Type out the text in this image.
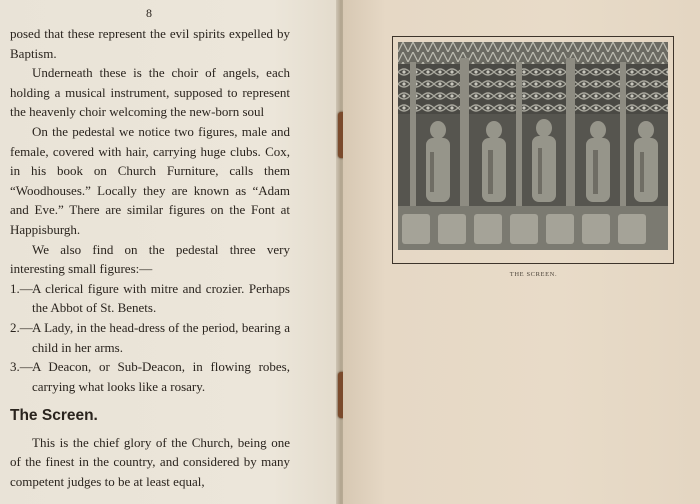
8

posed that these represent the evil spirits expelled by Baptism.

Underneath these is the choir of angels, each holding a musical instrument, supposed to represent the heavenly choir welcoming the new-born soul

On the pedestal we notice two figures, male and female, covered with hair, carrying huge clubs. Cox, in his book on Church Furniture, calls them “Woodhouses.” Locally they are known as “Adam and Eve.” There are similar figures on the Font at Happisburgh.

We also find on the pedestal three very interesting small figures:—

1.— A clerical figure with mitre and crozier. Perhaps the Abbot of St. Benets.
2.— A Lady, in the head-dress of the period, bearing a child in her arms.
3.— A Deacon, or Sub-Deacon, in flowing robes, carrying what looks like a rosary.
The Screen.

This is the chief glory of the Church, being one of the finest in the country, and considered by many competent judges to be at least equal,

THE SCREEN.
